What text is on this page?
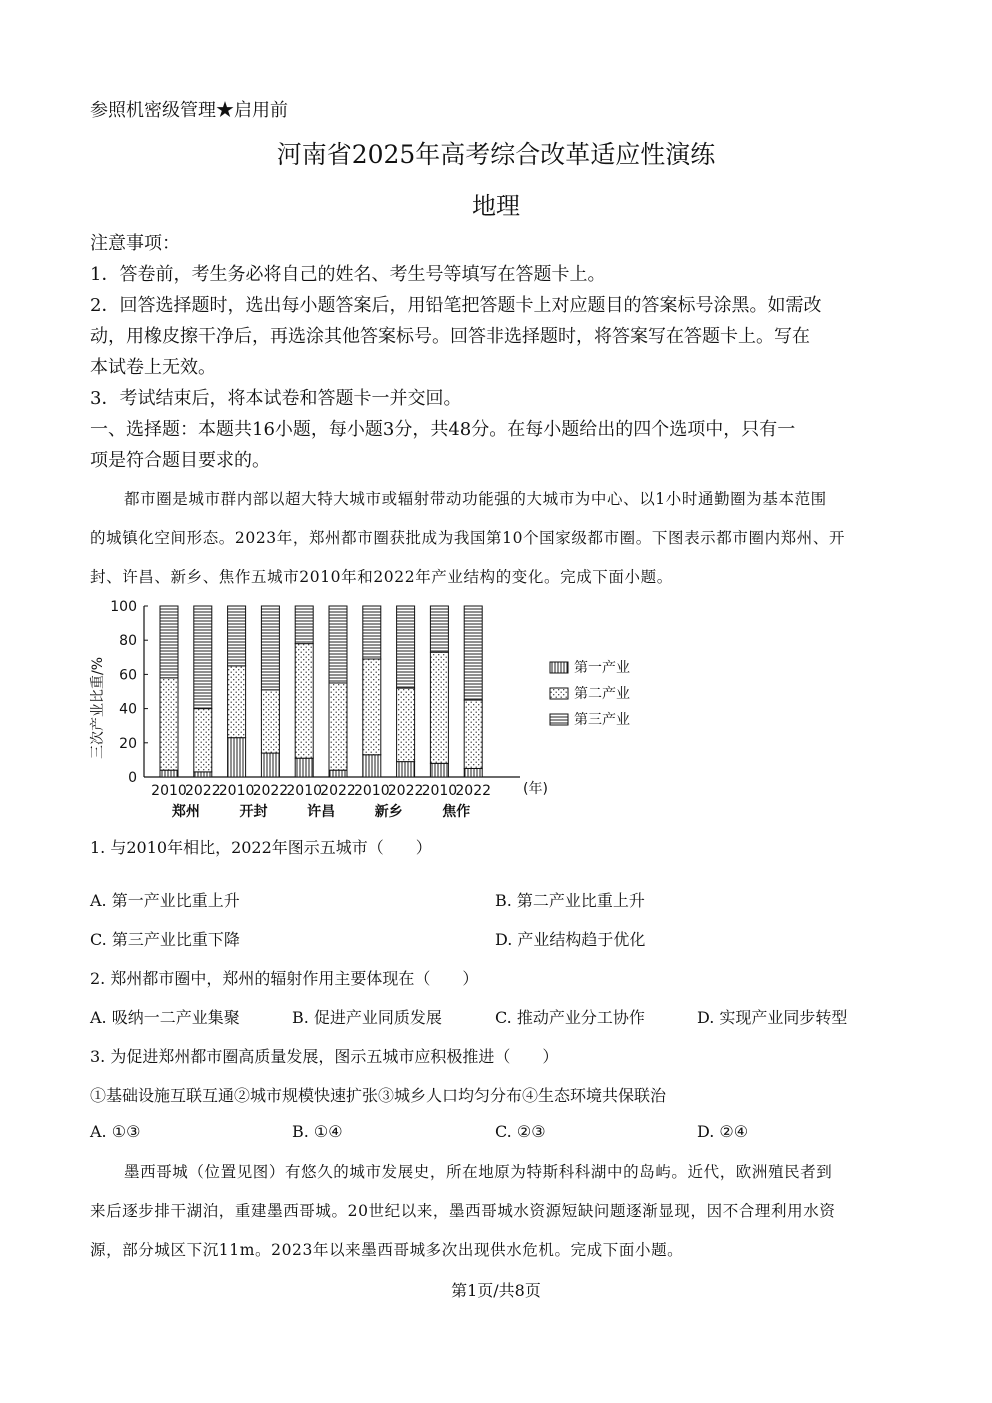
参照机密级管理★启用前
河南省2025年高考综合改革适应性演练
地理
注意事项：
1．答卷前，考生务必将自己的姓名、考生号等填写在答题卡上。
2．回答选择题时，选出每小题答案后，用铅笔把答题卡上对应题目的答案标号涂黑。如需改
动，用橡皮擦干净后，再选涂其他答案标号。回答非选择题时，将答案写在答题卡上。写在
本试卷上无效。
3．考试结束后，将本试卷和答题卡一并交回。
一、选择题：本题共16小题，每小题3分，共48分。在每小题给出的四个选项中，只有一
项是符合题目要求的。
都市圈是城市群内部以超大特大城市或辐射带动功能强的大城市为中心、以1小时通勤圈为基本范围
的城镇化空间形态。2023年，郑州都市圈获批成为我国第10个国家级都市圈。下图表示都市圈内郑州、开
封、许昌、新乡、焦作五城市2010年和2022年产业结构的变化。完成下面小题。
三次产业比重/%
0
20
40
60
80
100
2010
2022
2010
2022
2010
2022
2010
2022
2010
2022
郑州	开封	许昌	新乡	焦作
第一产业
第二产业
第三产业
(年)
1. 与2010年相比，2022年图示五城市（　　）
A. 第一产业比重上升	B. 第二产业比重上升
C. 第三产业比重下降	D. 产业结构趋于优化
2. 郑州都市圈中，郑州的辐射作用主要体现在（　　）
A. 吸纳一二产业集聚	B. 促进产业同质发展	C. 推动产业分工协作	D. 实现产业同步转型
3. 为促进郑州都市圈高质量发展，图示五城市应积极推进（　　）
①基础设施互联互通②城市规模快速扩张③城乡人口均匀分布④生态环境共保联治
A. ①③	B. ①④	C. ②③	D. ②④
墨西哥城（位置见图）有悠久的城市发展史，所在地原为特斯科科湖中的岛屿。近代，欧洲殖民者到
来后逐步排干湖泊，重建墨西哥城。20世纪以来，墨西哥城水资源短缺问题逐渐显现，因不合理利用水资
源，部分城区下沉11m。2023年以来墨西哥城多次出现供水危机。完成下面小题。
第1页/共8页
